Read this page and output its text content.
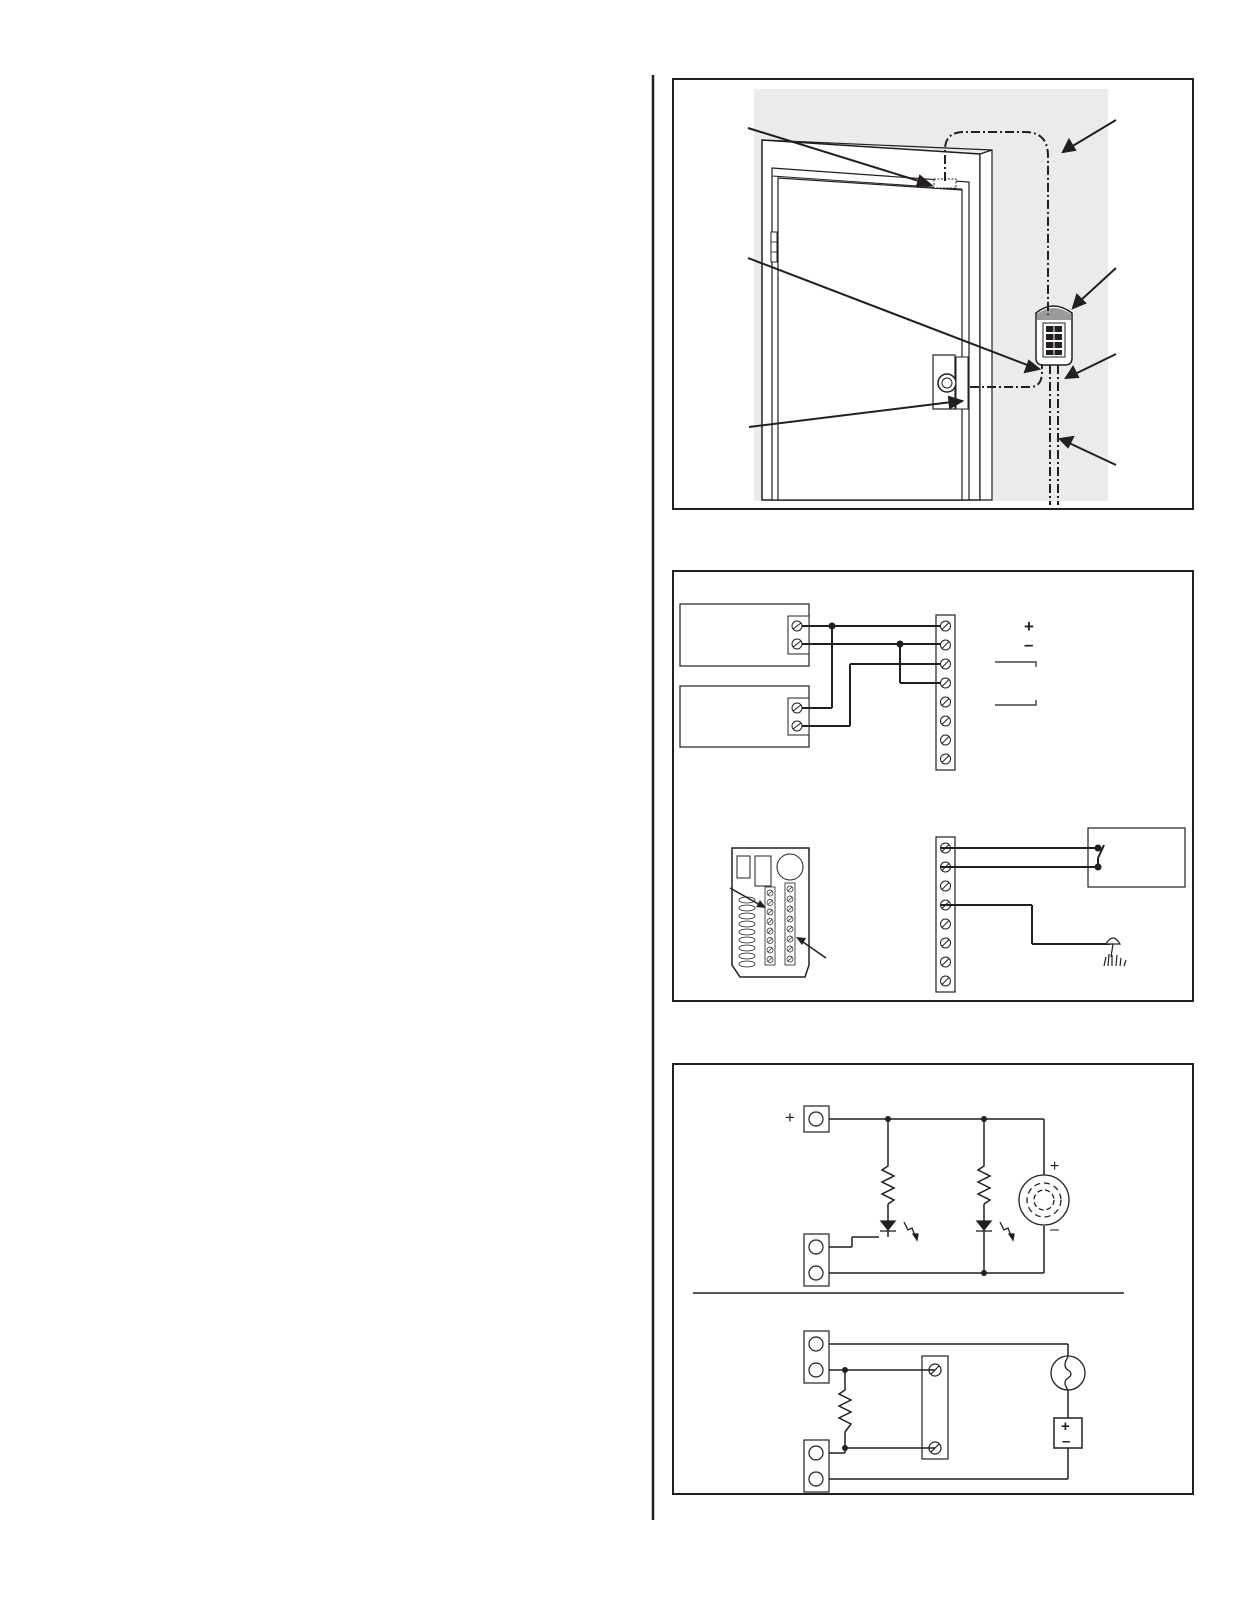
+
–
+
+
–
+
–
